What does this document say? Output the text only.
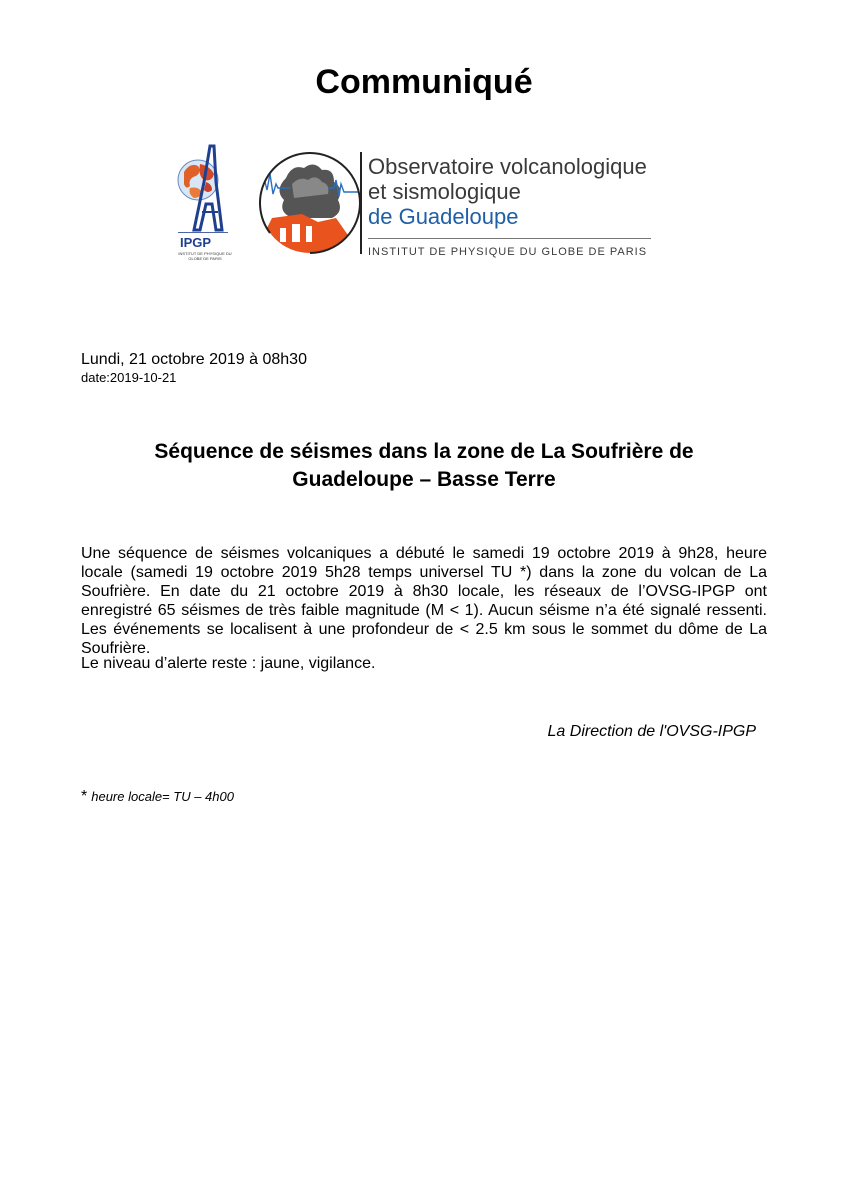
Communiqué
IPGP
INSTITUT DE PHYSIQUE DU GLOBE DE PARIS
Observatoire volcanologique
et sismologique
de Guadeloupe
INSTITUT DE PHYSIQUE DU GLOBE DE PARIS
Lundi, 21 octobre 2019 à 08h30
date:2019-10-21
Séquence de séismes dans la zone de La Soufrière de Guadeloupe – Basse Terre
Une séquence de séismes volcaniques a débuté le samedi 19 octobre 2019 à 9h28, heure locale (samedi 19 octobre 2019 5h28 temps universel TU *) dans la zone du volcan de La Soufrière. En date du 21 octobre 2019 à 8h30 locale, les réseaux de l’OVSG-IPGP ont enregistré 65 séismes de très faible magnitude (M < 1). Aucun séisme n’a été signalé ressenti. Les événements se localisent à une profondeur de < 2.5 km sous le sommet du dôme de La Soufrière.
Le niveau d’alerte reste : jaune, vigilance.
La Direction de l'OVSG-IPGP
* heure locale= TU – 4h00
